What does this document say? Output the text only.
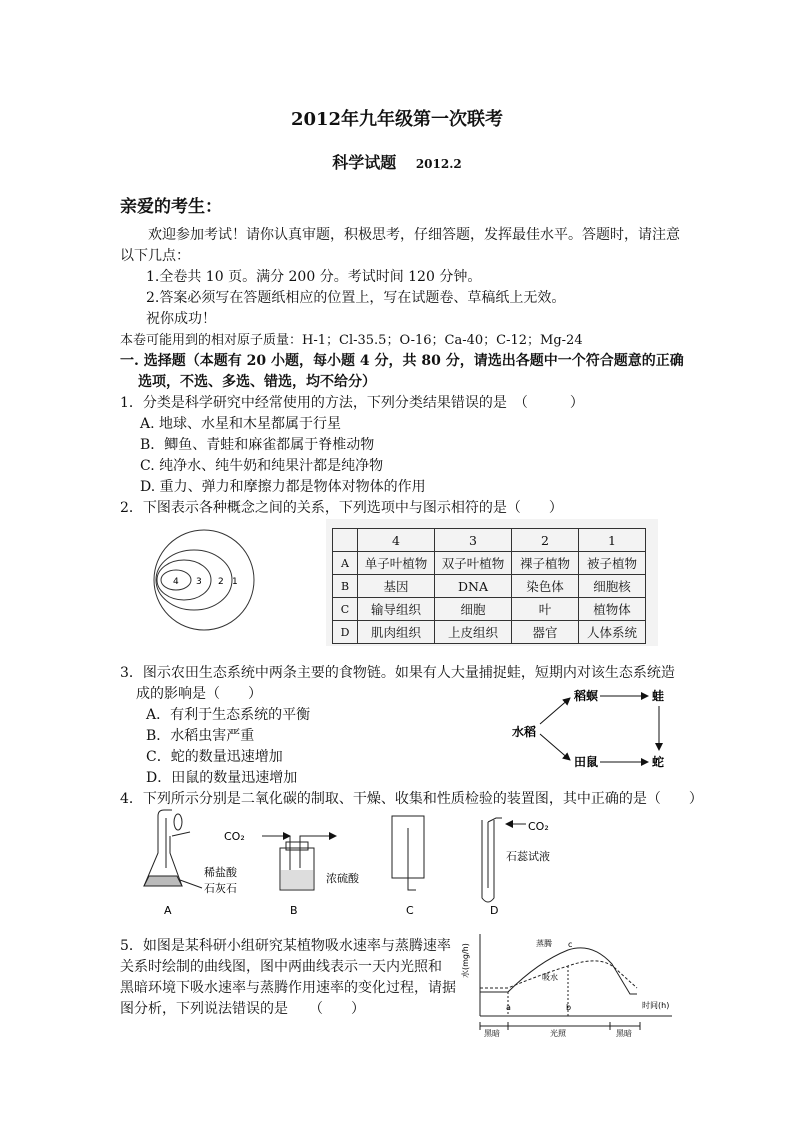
2012年九年级第一次联考
科学试题 2012.2
亲爱的考生：
欢迎参加考试！请你认真审题，积极思考，仔细答题，发挥最佳水平。答题时，请注意
以下几点：
1.全卷共 10 页。满分 200 分。考试时间 120 分钟。
2.答案必须写在答题纸相应的位置上，写在试题卷、草稿纸上无效。
祝你成功！
本卷可能用到的相对原子质量：H-1；Cl-35.5；O-16；Ca-40；C-12；Mg-24
一. 选择题（本题有 20 小题，每小题 4 分，共 80 分，请选出各题中一个符合题意的正确
选项，不选、多选、错选，均不给分）
1．分类是科学研究中经常使用的方法，下列分类结果错误的是　（　　　）
A. 地球、水星和木星都属于行星
B．鲫鱼、青蛙和麻雀都属于脊椎动物
C. 纯净水、纯牛奶和纯果汁都是纯净物
D. 重力、弹力和摩擦力都是物体对物体的作用
2．下图表示各种概念之间的关系，下列选项中与图示相符的是（　　）
4 3 2 1
	4	3	2	1
A	单子叶植物	双子叶植物	裸子植物	被子植物
B	基因	DNA	染色体	细胞核
C	输导组织	细胞	叶	植物体
D	肌肉组织	上皮组织	器官	人体系统
3．图示农田生态系统中两条主要的食物链。如果有人大量捕捉蛙，短期内对该生态系统造
成的影响是（　　）
A．有利于生态系统的平衡
B．水稻虫害严重
C．蛇的数量迅速增加
D．田鼠的数量迅速增加
水稻
稻螟	蛙
田鼠	蛇
4．下列所示分别是二氧化碳的制取、干燥、收集和性质检验的装置图，其中正确的是（　　）
稀盐酸
石灰石
A
CO₂
浓硫酸
B	C
CO₂
石蕊试液
D
5．如图是某科研小组研究某植物吸水速率与蒸腾速率
关系时绘制的曲线图，图中两曲线表示一天内光照和
黑暗环境下吸水速率与蒸腾作用速率的变化过程，请据
图分析，下列说法错误的是　　（　　）
水(mg/h)
时间(h)
蒸腾
吸水
a	b
c
黑暗	光照	黑暗
